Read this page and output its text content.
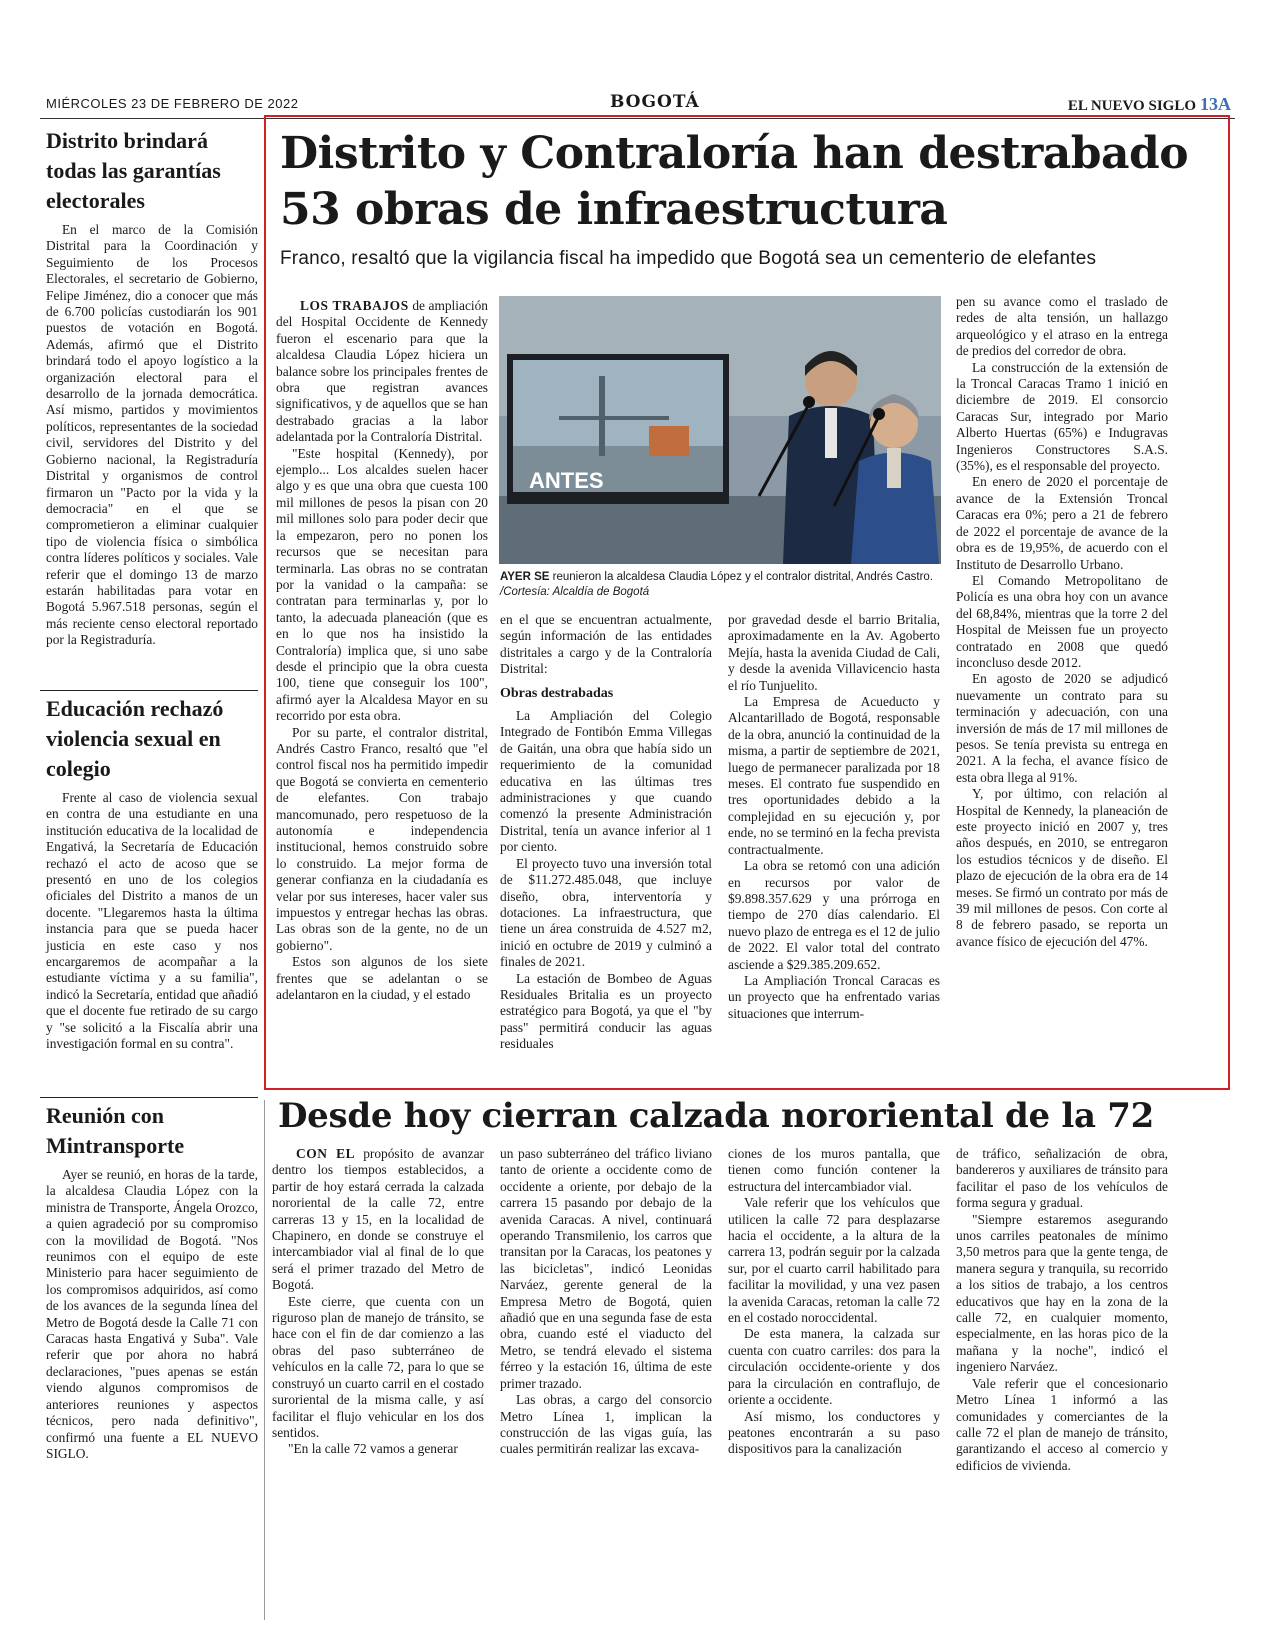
MIÉRCOLES 23 DE FEBRERO DE 2022	BOGOTÁ	EL NUEVO SIGLO 13A
Distrito brindará todas las garantías electorales

En el marco de la Comisión Distrital para la Coordinación y Seguimiento de los Procesos Electorales, el secretario de Gobierno, Felipe Jiménez, dio a conocer que más de 6.700 policías custodiarán los 901 puestos de votación en Bogotá. Además, afirmó que el Distrito brindará todo el apoyo logístico a la organización electoral para el desarrollo de la jornada democrática. Así mismo, partidos y movimientos políticos, representantes de la sociedad civil, servidores del Distrito y del Gobierno nacional, la Registraduría Distrital y organismos de control firmaron un "Pacto por la vida y la democracia" en el que se comprometieron a eliminar cualquier tipo de violencia física o simbólica contra líderes políticos y sociales. Vale referir que el domingo 13 de marzo estarán habilitadas para votar en Bogotá 5.967.518 personas, según el más reciente censo electoral reportado por la Registraduría.

Educación rechazó violencia sexual en colegio

Frente al caso de violencia sexual en contra de una estudiante en una institución educativa de la localidad de Engativá, la Secretaría de Educación rechazó el acto de acoso que se presentó en uno de los colegios oficiales del Distrito a manos de un docente. "Llegaremos hasta la última instancia para que se pueda hacer justicia en este caso y nos encargaremos de acompañar a la estudiante víctima y a su familia", indicó la Secretaría, entidad que añadió que el docente fue retirado de su cargo y "se solicitó a la Fiscalía abrir una investigación formal en su contra".

Reunión con Mintransporte

Ayer se reunió, en horas de la tarde, la alcaldesa Claudia López con la ministra de Transporte, Ángela Orozco, a quien agradeció por su compromiso con la movilidad de Bogotá. "Nos reunimos con el equipo de este Ministerio para hacer seguimiento de los compromisos adquiridos, así como de los avances de la segunda línea del Metro de Bogotá desde la Calle 71 con Caracas hasta Engativá y Suba". Vale referir que por ahora no habrá declaraciones, "pues apenas se están viendo algunos compromisos de anteriores reuniones y aspectos técnicos, pero nada definitivo", confirmó una fuente a EL NUEVO SIGLO.

Distrito y Contraloría han destrabado 53 obras de infraestructura
Franco, resaltó que la vigilancia fiscal ha impedido que Bogotá sea un cementerio de elefantes

LOS TRABAJOS de ampliación del Hospital Occidente de Kennedy fueron el escenario para que la alcaldesa Claudia López hiciera un balance sobre los principales frentes de obra que registran avances significativos, y de aquellos que se han destrabado gracias a la labor adelantada por la Contraloría Distrital.

"Este hospital (Kennedy), por ejemplo... Los alcaldes suelen hacer algo y es que una obra que cuesta 100 mil millones de pesos la pisan con 20 mil millones solo para poder decir que la empezaron, pero no ponen los recursos que se necesitan para terminarla. Las obras no se contratan por la vanidad o la campaña: se contratan para terminarlas y, por lo tanto, la adecuada planeación (que es en lo que nos ha insistido la Contraloría) implica que, si uno sabe desde el principio que la obra cuesta 100, tiene que conseguir los 100", afirmó ayer la Alcaldesa Mayor en su recorrido por esta obra.

Por su parte, el contralor distrital, Andrés Castro Franco, resaltó que "el control fiscal nos ha permitido impedir que Bogotá se convierta en cementerio de elefantes. Con trabajo mancomunado, pero respetuoso de la autonomía e independencia institucional, hemos construido sobre lo construido. La mejor forma de generar confianza en la ciudadanía es velar por sus intereses, hacer valer sus impuestos y entregar hechas las obras. Las obras son de la gente, no de un gobierno".

Estos son algunos de los siete frentes que se adelantan o se adelantaron en la ciudad, y el estado

ANTES
AYER SE reunieron la alcaldesa Claudia López y el contralor distrital, Andrés Castro. /Cortesía: Alcaldía de Bogotá

en el que se encuentran actualmente, según información de las entidades distritales a cargo y de la Contraloría Distrital:

Obras destrabadas

La Ampliación del Colegio Integrado de Fontibón Emma Villegas de Gaitán, una obra que había sido un requerimiento de la comunidad educativa en las últimas tres administraciones y que cuando comenzó la presente Administración Distrital, tenía un avance inferior al 1 por ciento.

El proyecto tuvo una inversión total de $11.272.485.048, que incluye diseño, obra, interventoría y dotaciones. La infraestructura, que tiene un área construida de 4.527 m2, inició en octubre de 2019 y culminó a finales de 2021.

La estación de Bombeo de Aguas Residuales Britalia es un proyecto estratégico para Bogotá, ya que el "by pass" permitirá conducir las aguas residuales

por gravedad desde el barrio Britalia, aproximadamente en la Av. Agoberto Mejía, hasta la avenida Ciudad de Cali, y desde la avenida Villavicencio hasta el río Tunjuelito.

La Empresa de Acueducto y Alcantarillado de Bogotá, responsable de la obra, anunció la continuidad de la misma, a partir de septiembre de 2021, luego de permanecer paralizada por 18 meses. El contrato fue suspendido en tres oportunidades debido a la complejidad en su ejecución y, por ende, no se terminó en la fecha prevista contractualmente.

La obra se retomó con una adición en recursos por valor de $9.898.357.629 y una prórroga en tiempo de 270 días calendario. El nuevo plazo de entrega es el 12 de julio de 2022. El valor total del contrato asciende a $29.385.209.652.

La Ampliación Troncal Caracas es un proyecto que ha enfrentado varias situaciones que interrum-

pen su avance como el traslado de redes de alta tensión, un hallazgo arqueológico y el atraso en la entrega de predios del corredor de obra.

La construcción de la extensión de la Troncal Caracas Tramo 1 inició en diciembre de 2019. El consorcio Caracas Sur, integrado por Mario Alberto Huertas (65%) e Indugravas Ingenieros Constructores S.A.S. (35%), es el responsable del proyecto.

En enero de 2020 el porcentaje de avance de la Extensión Troncal Caracas era 0%; pero a 21 de febrero de 2022 el porcentaje de avance de la obra es de 19,95%, de acuerdo con el Instituto de Desarrollo Urbano.

El Comando Metropolitano de Policía es una obra hoy con un avance del 68,84%, mientras que la torre 2 del Hospital de Meissen fue un proyecto contratado en 2008 que quedó inconcluso desde 2012.

En agosto de 2020 se adjudicó nuevamente un contrato para su terminación y adecuación, con una inversión de más de 17 mil millones de pesos. Se tenía prevista su entrega en 2021. A la fecha, el avance físico de esta obra llega al 91%.

Y, por último, con relación al Hospital de Kennedy, la planeación de este proyecto inició en 2007 y, tres años después, en 2010, se entregaron los estudios técnicos y de diseño. El plazo de ejecución de la obra era de 14 meses. Se firmó un contrato por más de 39 mil millones de pesos. Con corte al 8 de febrero pasado, se reporta un avance físico de ejecución del 47%.

Desde hoy cierran calzada nororiental de la 72

CON EL propósito de avanzar dentro los tiempos establecidos, a partir de hoy estará cerrada la calzada nororiental de la calle 72, entre carreras 13 y 15, en la localidad de Chapinero, en donde se construye el intercambiador vial al final de lo que será el primer trazado del Metro de Bogotá.

Este cierre, que cuenta con un riguroso plan de manejo de tránsito, se hace con el fin de dar comienzo a las obras del paso subterráneo de vehículos en la calle 72, para lo que se construyó un cuarto carril en el costado suroriental de la misma calle, y así facilitar el flujo vehicular en los dos sentidos.

"En la calle 72 vamos a generar

un paso subterráneo del tráfico liviano tanto de oriente a occidente como de occidente a oriente, por debajo de la carrera 15 pasando por debajo de la avenida Caracas. A nivel, continuará operando Transmilenio, los carros que transitan por la Caracas, los peatones y las bicicletas", indicó Leonidas Narváez, gerente general de la Empresa Metro de Bogotá, quien añadió que en una segunda fase de esta obra, cuando esté el viaducto del Metro, se tendrá elevado el sistema férreo y la estación 16, última de este primer trazado.

Las obras, a cargo del consorcio Metro Línea 1, implican la construcción de las vigas guía, las cuales permitirán realizar las excava-

ciones de los muros pantalla, que tienen como función contener la estructura del intercambiador vial.

Vale referir que los vehículos que utilicen la calle 72 para desplazarse hacia el occidente, a la altura de la carrera 13, podrán seguir por la calzada sur, por el cuarto carril habilitado para facilitar la movilidad, y una vez pasen la avenida Caracas, retoman la calle 72 en el costado noroccidental.

De esta manera, la calzada sur cuenta con cuatro carriles: dos para la circulación occidente-oriente y dos para la circulación en contraflujo, de oriente a occidente.

Así mismo, los conductores y peatones encontrarán a su paso dispositivos para la canalización

de tráfico, señalización de obra, banderеros y auxiliares de tránsito para facilitar el paso de los vehículos de forma segura y gradual.

"Siempre estaremos asegurando unos carriles peatonales de mínimo 3,50 metros para que la gente tenga, de manera segura y tranquila, su recorrido a los sitios de trabajo, a los centros educativos que hay en la zona de la calle 72, en cualquier momento, especialmente, en las horas pico de la mañana y la noche", indicó el ingeniero Narváez.

Vale referir que el concesionario Metro Línea 1 informó a las comunidades y comerciantes de la calle 72 el plan de manejo de tránsito, garantizando el acceso al comercio y edificios de vivienda.
